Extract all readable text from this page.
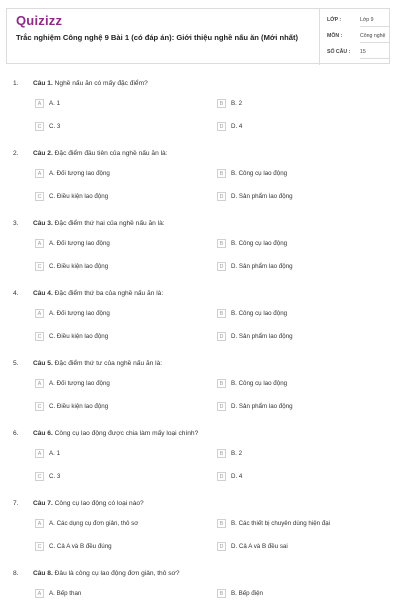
Quizizz
Trắc nghiệm Công nghệ 9 Bài 1 (có đáp án): Giới thiệu nghề nấu ăn (Mới nhất)
LỚP :	Lớp 9
MÔN :	Công nghệ
SỐ CÂU : 15
1. Câu 1. Nghề nấu ăn có mấy đặc điểm?
A	A. 1	B	B. 2
C	C. 3	D	D. 4
2. Câu 2. Đặc điểm đầu tiên của nghề nấu ăn là:
A	A. Đối tượng lao động	B	B. Công cụ lao động
C	C. Điều kiện lao động	D	D. Sản phẩm lao động
3. Câu 3. Đặc điểm thứ hai của nghề nấu ăn là:
A	A. Đối tượng lao động	B	B. Công cụ lao động
C	C. Điều kiện lao động	D	D. Sản phẩm lao động
4. Câu 4. Đặc điểm thứ ba của nghề nấu ăn là:
A	A. Đối tượng lao động	B	B. Công cụ lao động
C	C. Điều kiện lao động	D	D. Sản phẩm lao động
5. Câu 5. Đặc điểm thứ tư của nghề nấu ăn là:
A	A. Đối tượng lao động	B	B. Công cụ lao động
C	C. Điều kiện lao động	D	D. Sản phẩm lao động
6. Câu 6. Công cụ lao động được chia làm mấy loại chính?
A	A. 1	B	B. 2
C	C. 3	D	D. 4
7. Câu 7. Công cụ lao động có loại nào?
A	A. Các dụng cụ đơn giản, thô sơ	B	B. Các thiết bị chuyên dùng hiện đại
C	C. Cả A và B đều đúng	D	D. Cả A và B đều sai
8. Câu 8. Đâu là công cụ lao động đơn giản, thô sơ?
A	A. Bếp than	B	B. Bếp điện
